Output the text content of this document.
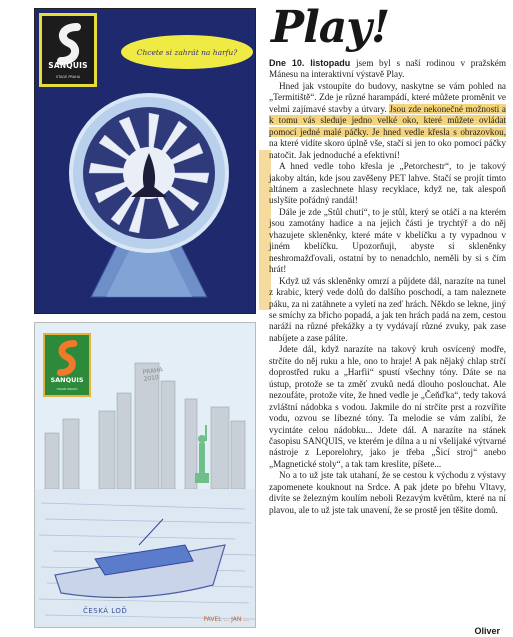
SANQUIS
STAGE PRAHA
Chcete si zahrát na harfu?
SANQUIS
STAGE PRAHA
PRAHA 2010
ČESKÁ LOĎ
PAVEL ... JAN ...
Play!

Dne 10. listopadu jsem byl s naší rodinou v pražském Mánesu na interaktivní výstavě Play.

Hned jak vstoupíte do budovy, naskytne se vám pohled na „Termitiště“. Zde je různé harampádí, které můžete proměnit ve velmi zajímavé stavby a útvary. Jsou zde nekonečné možnosti a k tomu vás sleduje jedno velké oko, které můžete ovládat pomocí jedné malé páčky. Je hned vedle křesla s obrazovkou, na které vidíte skoro úplně vše, stačí si jen to oko pomocí páčky natočit. Jak jednoduché a efektivní!

A hned vedle toho křesla je „Petorchestr“, to je takový jakoby altán, kde jsou zavěšeny PET lahve. Stačí se projít tímto altánem a zaslechnete hlasy recyklace, když ne, tak alespoň uslyšíte pořádný randál!

Dále je zde „Stůl chutí“, to je stůl, který se otáčí a na kterém jsou zamotány hadice a na jejich části je trychtýř a do něj vhazujete skleněnky, které máte v kbelíčku a ty vypadnou v jiném kbelíčku. Upozorňuji, abyste si skleněnky neshromažďovali, ostatní by to nenadchlo, neměli by si s čím hrát!

Když už vás skleněnky omrzí a půjdete dál, narazíte na tunel z krabic, který vede dolů do dalšího poschodí, a tam naleznete páku, za ni zatáhnete a vyletí na zeď hrách. Někdo se lekne, jiný se smíchy za břicho popadá, a jak ten hrách padá na zem, cestou naráží na různé překážky a ty vydávají různé zvuky, pak zase nabíjete a zase pálíte.

Jdete dál, když narazíte na takový kruh osvícený modře, strčíte do něj ruku a hle, ono to hraje! A pak nějaký chlap strčí doprostřed ruku a „Harfii“ spustí všechny tóny. Dáte se na ústup, protože se ta změť zvuků nedá dlouho poslouchat. Ale nezoufáte, protože víte, že hned vedle je „Čeňďka“, tedy taková zvláštní nádobka s vodou. Jakmile do ní strčíte prst a rozvířite vodu, ozvou se líbezné tóny. Ta melodie se vám zalíbí, že vycintáte celou nádobku... Jdete dál. A narazíte na stánek časopisu SANQUIS, ve kterém je dílna a u ní všelijaké výtvarné nástroje z Leporelohry, jako je třeba „Šicí stroj“ anebo „Magnetické stoly“, a tak tam kreslíte, píšete...

No a to už jste tak utahaní, že se cestou k východu z výstavy zapomenete kouknout na Srdce. A pak jdete po břehu Vltavy, divíte se železným koulím neboli Rezavým květům, které na ní plavou, ale to už jste tak unavení, že se prostě jen těšíte domů.

Oliver
